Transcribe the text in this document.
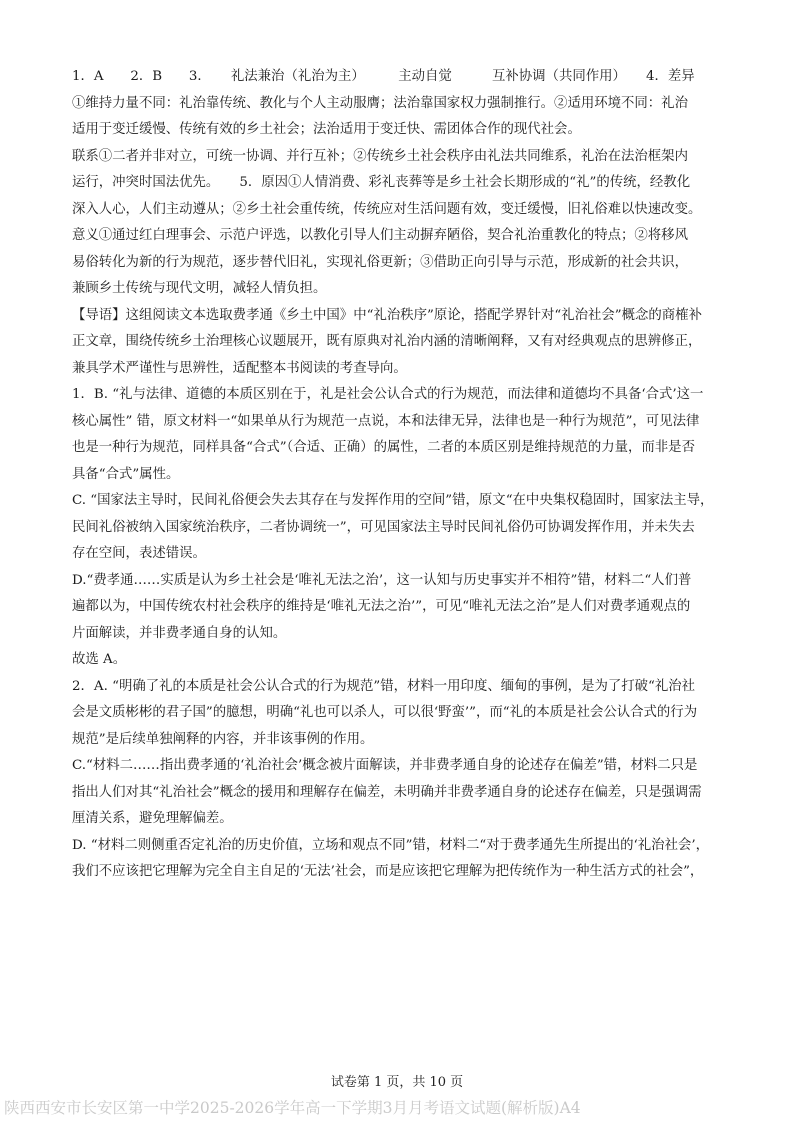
1．A　　2．B　　3．　　礼法兼治（礼治为主）　　　主动自觉　　　互补协调（共同作用）　　4．差异
①维持力量不同：礼治靠传统、教化与个人主动服膺；法治靠国家权力强制推行。②适用环境不同：礼治
适用于变迁缓慢、传统有效的乡土社会；法治适用于变迁快、需团体合作的现代社会。
联系①二者并非对立，可统一协调、并行互补；②传统乡土社会秩序由礼法共同维系，礼治在法治框架内
运行，冲突时国法优先。　　5．原因①人情消费、彩礼丧葬等是乡土社会长期形成的“礼”的传统，经教化
深入人心，人们主动遵从；②乡土社会重传统，传统应对生活问题有效，变迁缓慢，旧礼俗难以快速改变。
意义①通过红白理事会、示范户评选，以教化引导人们主动摒弃陋俗，契合礼治重教化的特点；②将移风
易俗转化为新的行为规范，逐步替代旧礼，实现礼俗更新；③借助正向引导与示范，形成新的社会共识，
兼顾乡土传统与现代文明，减轻人情负担。
【导语】这组阅读文本选取费孝通《乡土中国》中“礼治秩序”原论，搭配学界针对“礼治社会”概念的商榷补
正文章，围绕传统乡土治理核心议题展开，既有原典对礼治内涵的清晰阐释，又有对经典观点的思辨修正，
兼具学术严谨性与思辨性，适配整本书阅读的考查导向。
1．B. “礼与法律、道德的本质区别在于，礼是社会公认合式的行为规范，而法律和道德均不具备‘合式’这一
核心属性” 错，原文材料一“如果单从行为规范一点说，本和法律无异，法律也是一种行为规范”，可见法律
也是一种行为规范，同样具备“合式”（合适、正确）的属性，二者的本质区别是维持规范的力量，而非是否
具备“合式”属性。
C. “国家法主导时，民间礼俗便会失去其存在与发挥作用的空间”错，原文“在中央集权稳固时，国家法主导，
民间礼俗被纳入国家统治秩序，二者协调统一”，可见国家法主导时民间礼俗仍可协调发挥作用，并未失去
存在空间，表述错误。
D.“费孝通……实质是认为乡土社会是‘唯礼无法之治’，这一认知与历史事实并不相符”错，材料二“人们普
遍都以为，中国传统农村社会秩序的维持是‘唯礼无法之治’”，可见“唯礼无法之治”是人们对费孝通观点的
片面解读，并非费孝通自身的认知。
故选 A。
2．A. “明确了礼的本质是社会公认合式的行为规范”错，材料一用印度、缅甸的事例，是为了打破“礼治社
会是文质彬彬的君子国”的臆想，明确“礼也可以杀人，可以很‘野蛮’”，而“礼的本质是社会公认合式的行为
规范”是后续单独阐释的内容，并非该事例的作用。
C.“材料二……指出费孝通的‘礼治社会’概念被片面解读，并非费孝通自身的论述存在偏差”错，材料二只是
指出人们对其“礼治社会”概念的援用和理解存在偏差，未明确并非费孝通自身的论述存在偏差，只是强调需
厘清关系，避免理解偏差。
D. “材料二则侧重否定礼治的历史价值，立场和观点不同”错，材料二“对于费孝通先生所提出的‘礼治社会’，
我们不应该把它理解为完全自主自足的‘无法’社会，而是应该把它理解为把传统作为一种生活方式的社会”，
试卷第 1 页，共 10 页
陕西西安市长安区第一中学2025-2026学年高一下学期3月月考语文试题(解析版)A4
